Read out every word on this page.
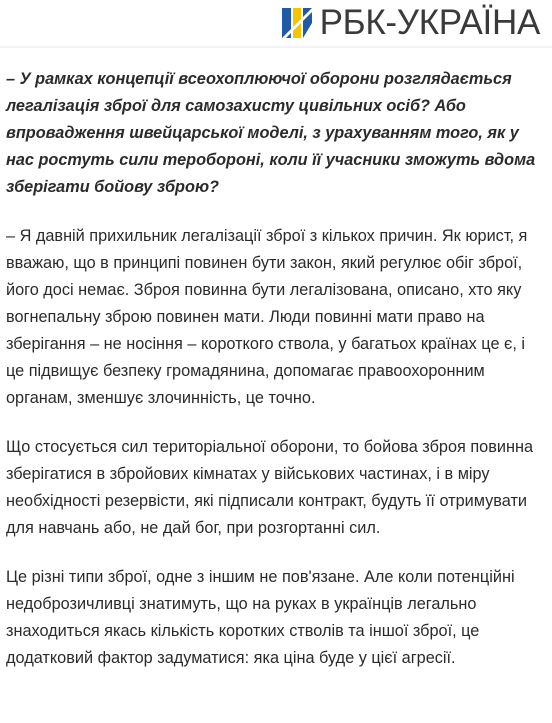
РБК-УКРАЇНА

– У рамках концепції всеохоплюючої оборони розглядається легалізація зброї для самозахисту цивільних осіб? Або впровадження швейцарської моделі, з урахуванням того, як у нас ростуть сили теробороні, коли її учасники зможуть вдома зберігати бойову зброю?

– Я давній прихильник легалізації зброї з кількох причин. Як юрист, я вважаю, що в принципі повинен бути закон, який регулює обіг зброї, його досі немає. Зброя повинна бути легалізована, описано, хто яку вогнепальну зброю повинен мати. Люди повинні мати право на зберігання – не носіння – короткого ствола, у багатьох країнах це є, і це підвищує безпеку громадянина, допомагає правоохоронним органам, зменшує злочинність, це точно.

Що стосується сил територіальної оборони, то бойова зброя повинна зберігатися в збройових кімнатах у військових частинах, і в міру необхідності резервісти, які підписали контракт, будуть її отримувати для навчань або, не дай бог, при розгортанні сил.

Це різні типи зброї, одне з іншим не пов'язане. Але коли потенційні недоброзичливці знатимуть, що на руках в українців легально знаходиться якась кількість коротких стволів та іншої зброї, це додатковий фактор задуматися: яка ціна буде у цієї агресії.
